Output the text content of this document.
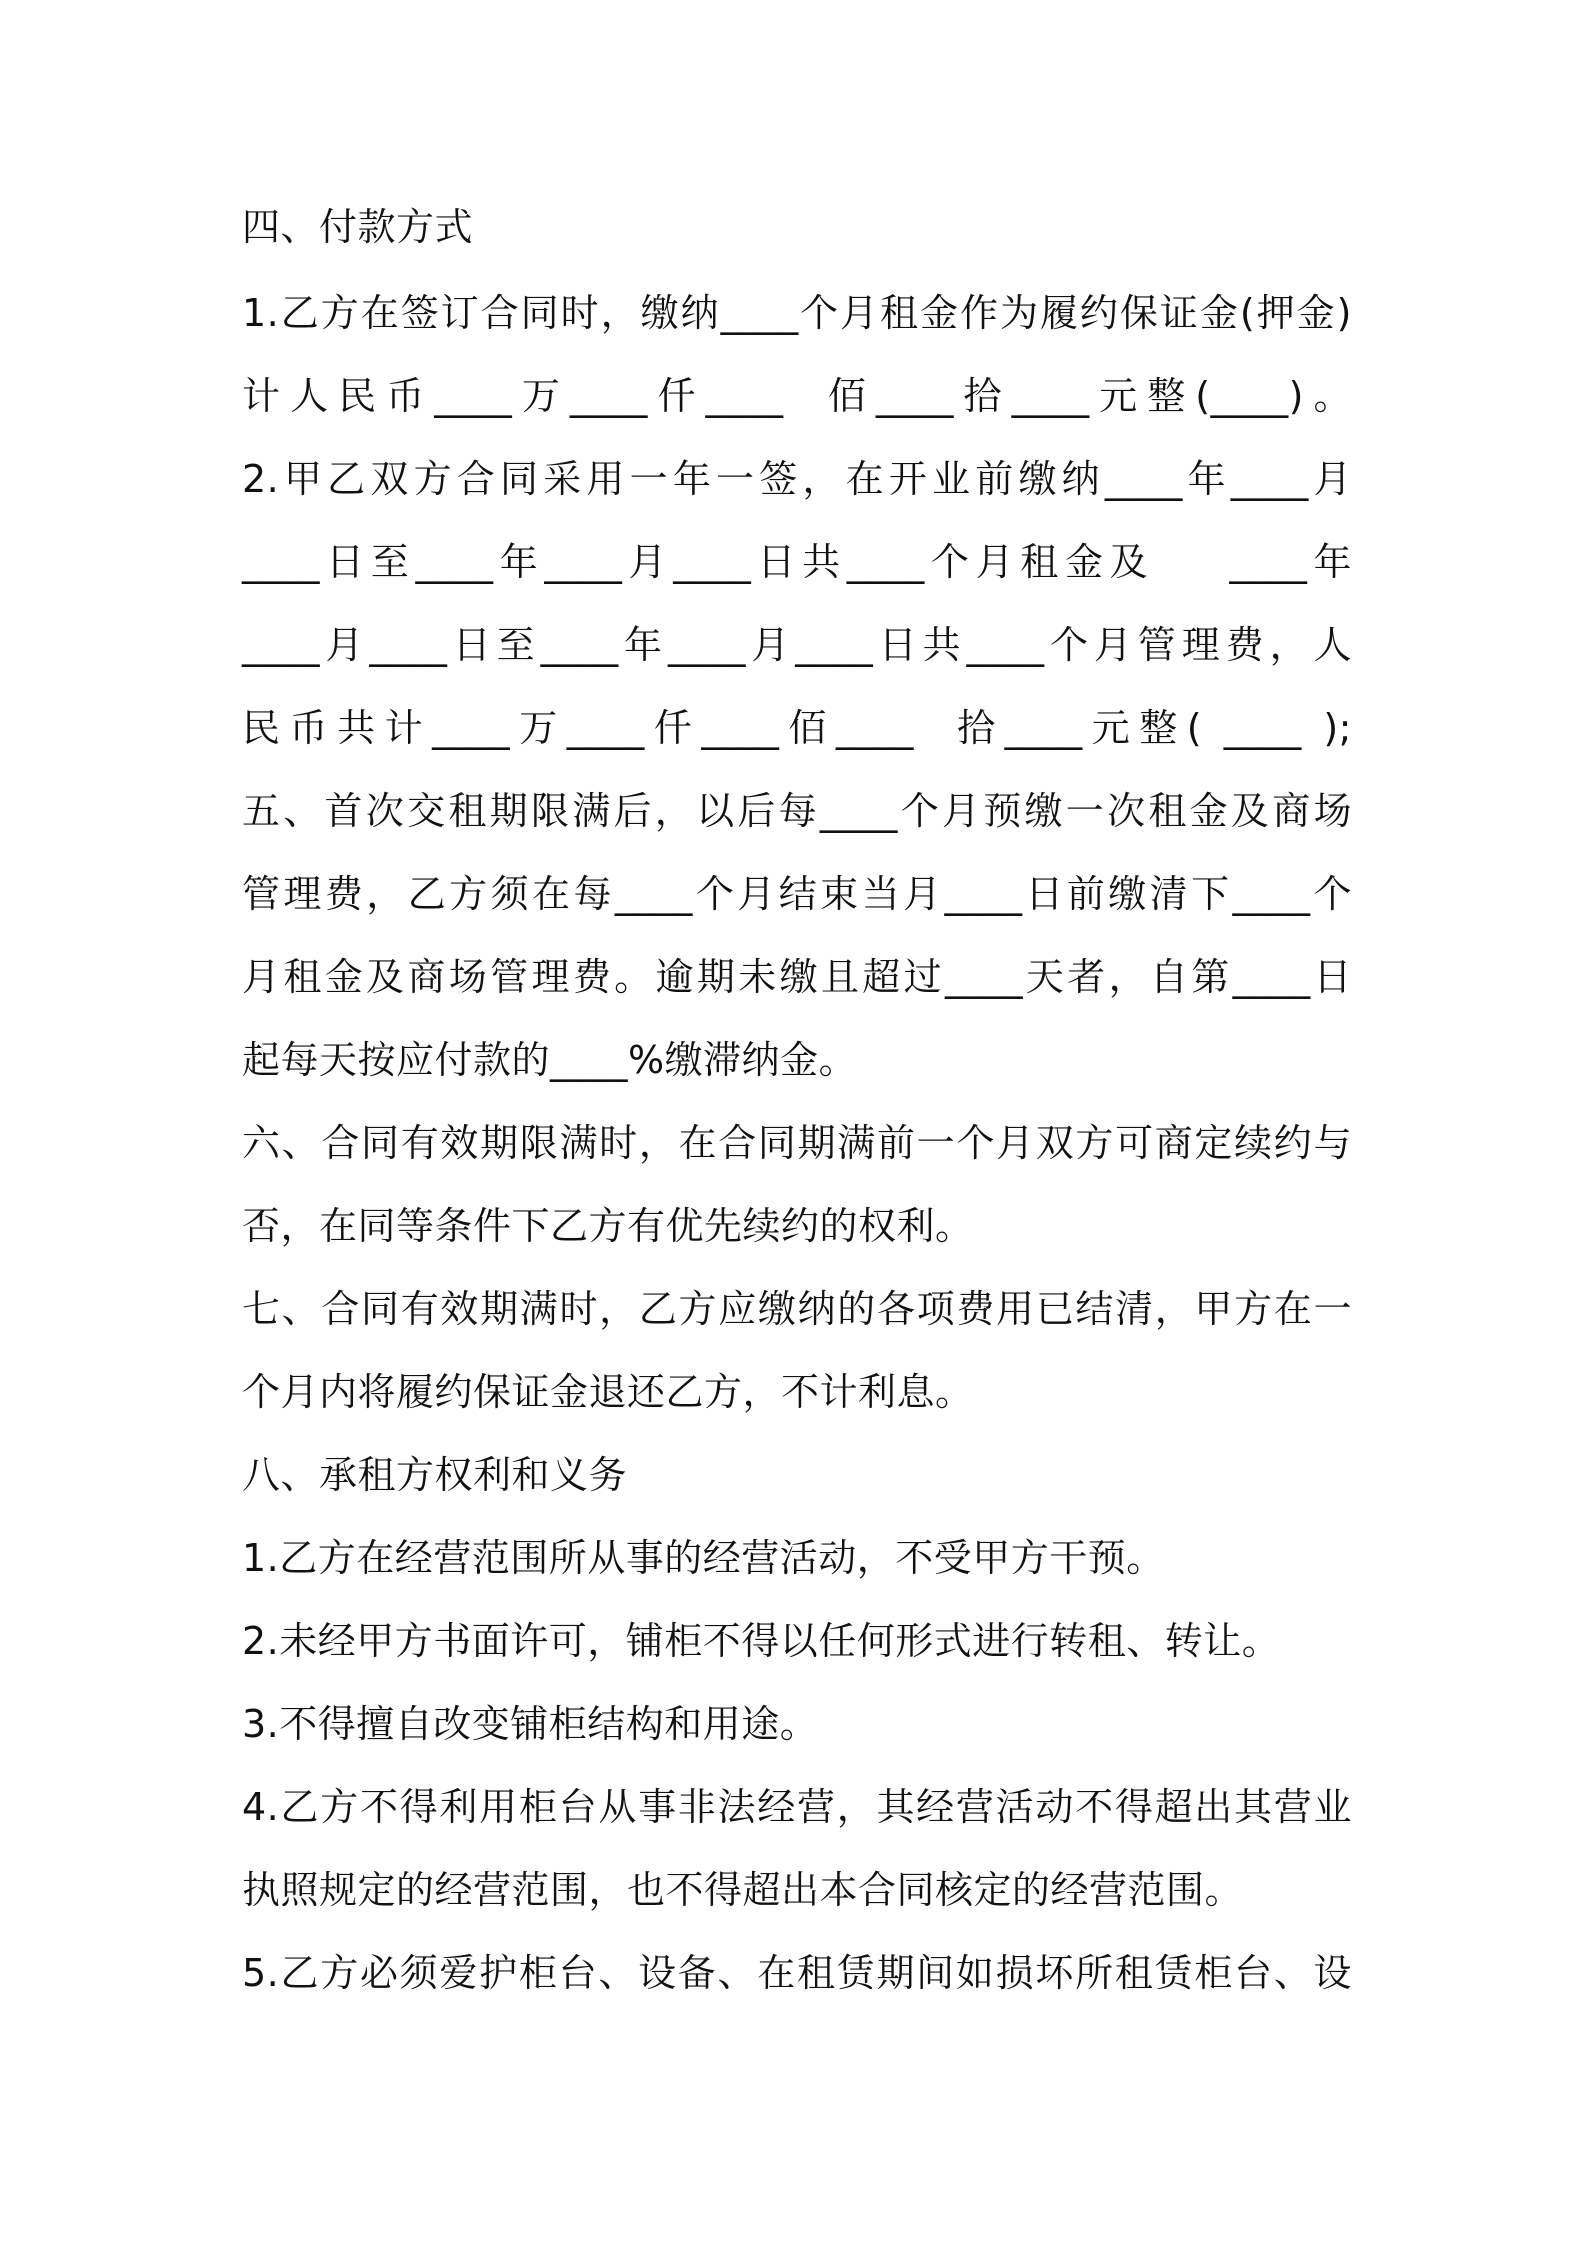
四、付款方式
1.乙方在签订合同时，缴纳____个月租金作为履约保证金(押金)
计人民币____万____仟____  佰____拾____元整(____)。
2.甲乙双方合同采用一年一签，在开业前缴纳____年____月
____日至____年____月____日共____个月租金及    ____年
____月____日至____年____月____日共____个月管理费，人
民币共计____万____仟____佰____  拾____元整( ____ );
五、首次交租期限满后，以后每____个月预缴一次租金及商场
管理费，乙方须在每____个月结束当月____日前缴清下____个
月租金及商场管理费。逾期未缴且超过____天者，自第____日
起每天按应付款的____%缴滞纳金。
六、合同有效期限满时，在合同期满前一个月双方可商定续约与
否，在同等条件下乙方有优先续约的权利。
七、合同有效期满时，乙方应缴纳的各项费用已结清，甲方在一
个月内将履约保证金退还乙方，不计利息。
八、承租方权利和义务
1.乙方在经营范围所从事的经营活动，不受甲方干预。
2.未经甲方书面许可，铺柜不得以任何形式进行转租、转让。
3.不得擅自改变铺柜结构和用途。
4.乙方不得利用柜台从事非法经营，其经营活动不得超出其营业
执照规定的经营范围，也不得超出本合同核定的经营范围。
5.乙方必须爱护柜台、设备、在租赁期间如损坏所租赁柜台、设
